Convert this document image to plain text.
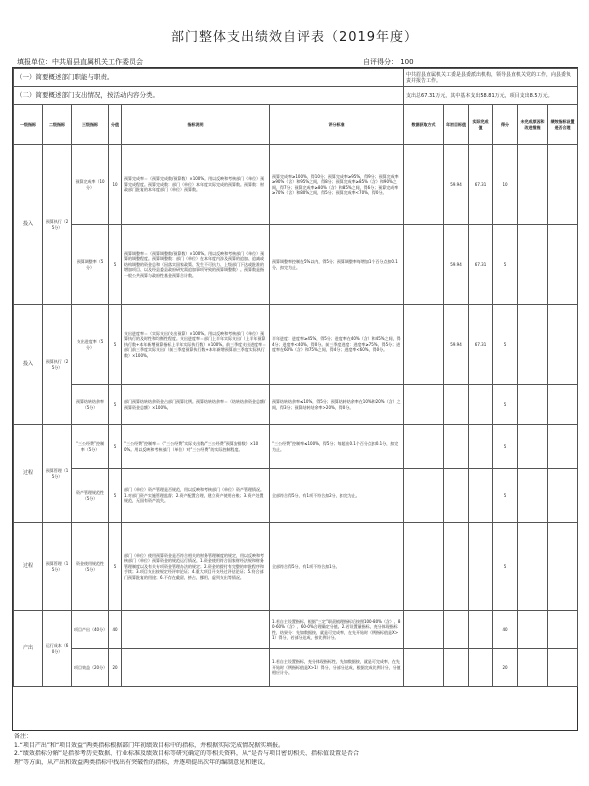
部门整体支出绩效自评表（2019年度）
填报单位：中共眉县直属机关工作委员会	自评得分： 100
（一）简要概述部门职能与职责。						中共眉县直属机关工委是县委派出机构，领导县直机关党的工作，向县委负责并报告工作。					
（二）简要概述部门支出情况，按活动内容分类。						支出总67.31万元，其中基本支出58.81万元，项目支出8.5万元。					
一级指标	二级指标	三级指标	分值	指标说明	评分标准	数据获取方式	年初目标值	实际完成值	得分	未完成原因和改进措施	绩效指标设置是否合理
投入	预算执行（25分）	预算完成率（10分）	10	预算完成率＝（预算完成数/预算数）×100%。用以反映和考核部门（单位）预算完成程度。预算完成数：部门（单位）本年度实际完成的预算数。预算数：财政部门批复的本年度部门（单位）预算数。	预算完成率≥100%，得10分；预算完成率≥95%，得9分；预算完成率≥90%（含）和95%之间，得8分；预算完成率≥85%（含）和90%之间，得7分；预算完成率≥80%（含）和85%之间，得6分；预算完成率≥70%（含）和80%之间，得5分；预算完成率<70%，得0分。		59.94	67.31	10		
		预算调整率（5分）	5	预算调整率＝（预算调整数/预算数）×100%。用以反映和考核部门（单位）预算的调整程度。预算调整数：部门（单位）在本年度内涉及预算的追加、追减或结构调整的资金总和（因落实国家政策、发生不可抗力、上级部门下达或批准的增加项目、以及经县委县政府研究需追加事项导致的预算调整数）。预算数是指一般公共预算与政府性基金预算合计数。	预算调整率控制在5%以内，得5分；预算调整率每增加1个百分点扣0.1分，扣完为止。		59.94	67.31	5		
投入	预算执行（25分）	支出进度率（5分）	5	支出进度率＝（实际支出/支出预算）×100%。用以反映和考核部门（单位）预算执行的及时性和均衡性程度。支出进度率＝部门上半年实际支出/（上半年预算执行数+本年新增预算指标上半年实际执行数）×100%。前三季度支出进度率＝部门前三季度实际支出/（前三季度预算执行数+本年新增预算前三季度实际执行数）×100%。	半年进度：进度率≥45%，得5分；进度率在40%（含）和45%之间，得4分；进度率<40%，得0分。前三季度进度：进度率≥75%，得5分；进度率在60%（含）和75%之间，得4分；进度率<60%，得0分。		59.94	67.31	5		
		预算结转结余率（5分）	5	部门预算结转结余资金占部门预算比例。预算结转结余率＝（结转结余资金总额/预算资金总额）×100%。	预算结转结余率≤10%，得5分；预算结转结余率在10%和20%（含）之间，得3分；预算结转结余率>20%，得0分。				5		
过程	预算管理（15分）	“三公经费”控制率（5分）	5	“三公经费”控制率＝（“三公经费”实际支出数/“三公经费”预算安排数）×100%。用以反映和考核部门（单位）对“三公经费”的实际控制程度。	“三公经费”控制率≤100%，得5分；每超出0.1个百分点扣0.1分，扣完为止。				5		
		资产管理规范性（5分）	5	部门（单位）资产管理是否规范，用以反映和考核部门（单位）资产管理情况。1.对部门资产实施管理监督；2.资产配置合理，建立资产使用台账；3.资产处置规范，无国有资产流失。	全部符合得5分，有1项不符合扣2分，扣完为止。				5		
过程	预算管理（15分）	资金使用规范性（5分）	5	部门（单位）使用预算资金是否符合相关的财务管理制度的规定，用以反映和考核部门（单位）预算资金的规范运行情况。1.资金使用符合国家财经法规和财务管理制度以及有关专项资金管理办法的规定；2.资金的拨付有完整的审批程序和手续；3.项目支出按规定经评审论证；4.重大项目开支经过评估论证；5.符合部门预算批复的用途；6.不存在截留、挤占、挪用、虚列支出等情况。	全部符合得5分，有1项不符合扣1分。				5		
产出	运行成本（60分）	项目产出（40分）	40		1.若自主设置指标，根据“三定”职责梳理指标后按照100-80%（含）、80-60%（含）、60-0%合理确定分值。2.若设置量指标，充分体现指标性，结果分：先如数据按，就是可完成率，在先开始时（例指标值是X>1）得分，若部分达成，按比例计分。				40		
		项目效益（20分）	20		1.若自主设置指标，充分体现指标性，先如数据按，就是可完成率，在先开始时（例指标值是X>1）得分，分部分达成，根据完成比例计分，分值相应计分。				20		
备注：
1.“项目产出”和“项目效益”两类指标根据部门年初绩效目标中的指标，并根据实际完成情况据实填报。
2.“绩效指标分解”是指参考历史数据、行业标准及绩效目标等研究确定的等相关资料，从“是否与项目密切相关、指标值设置是否合
理”等方面，从产出和效益两类指标中找出有突破性的指标，并逐项提出次年的编制意见和建议。
